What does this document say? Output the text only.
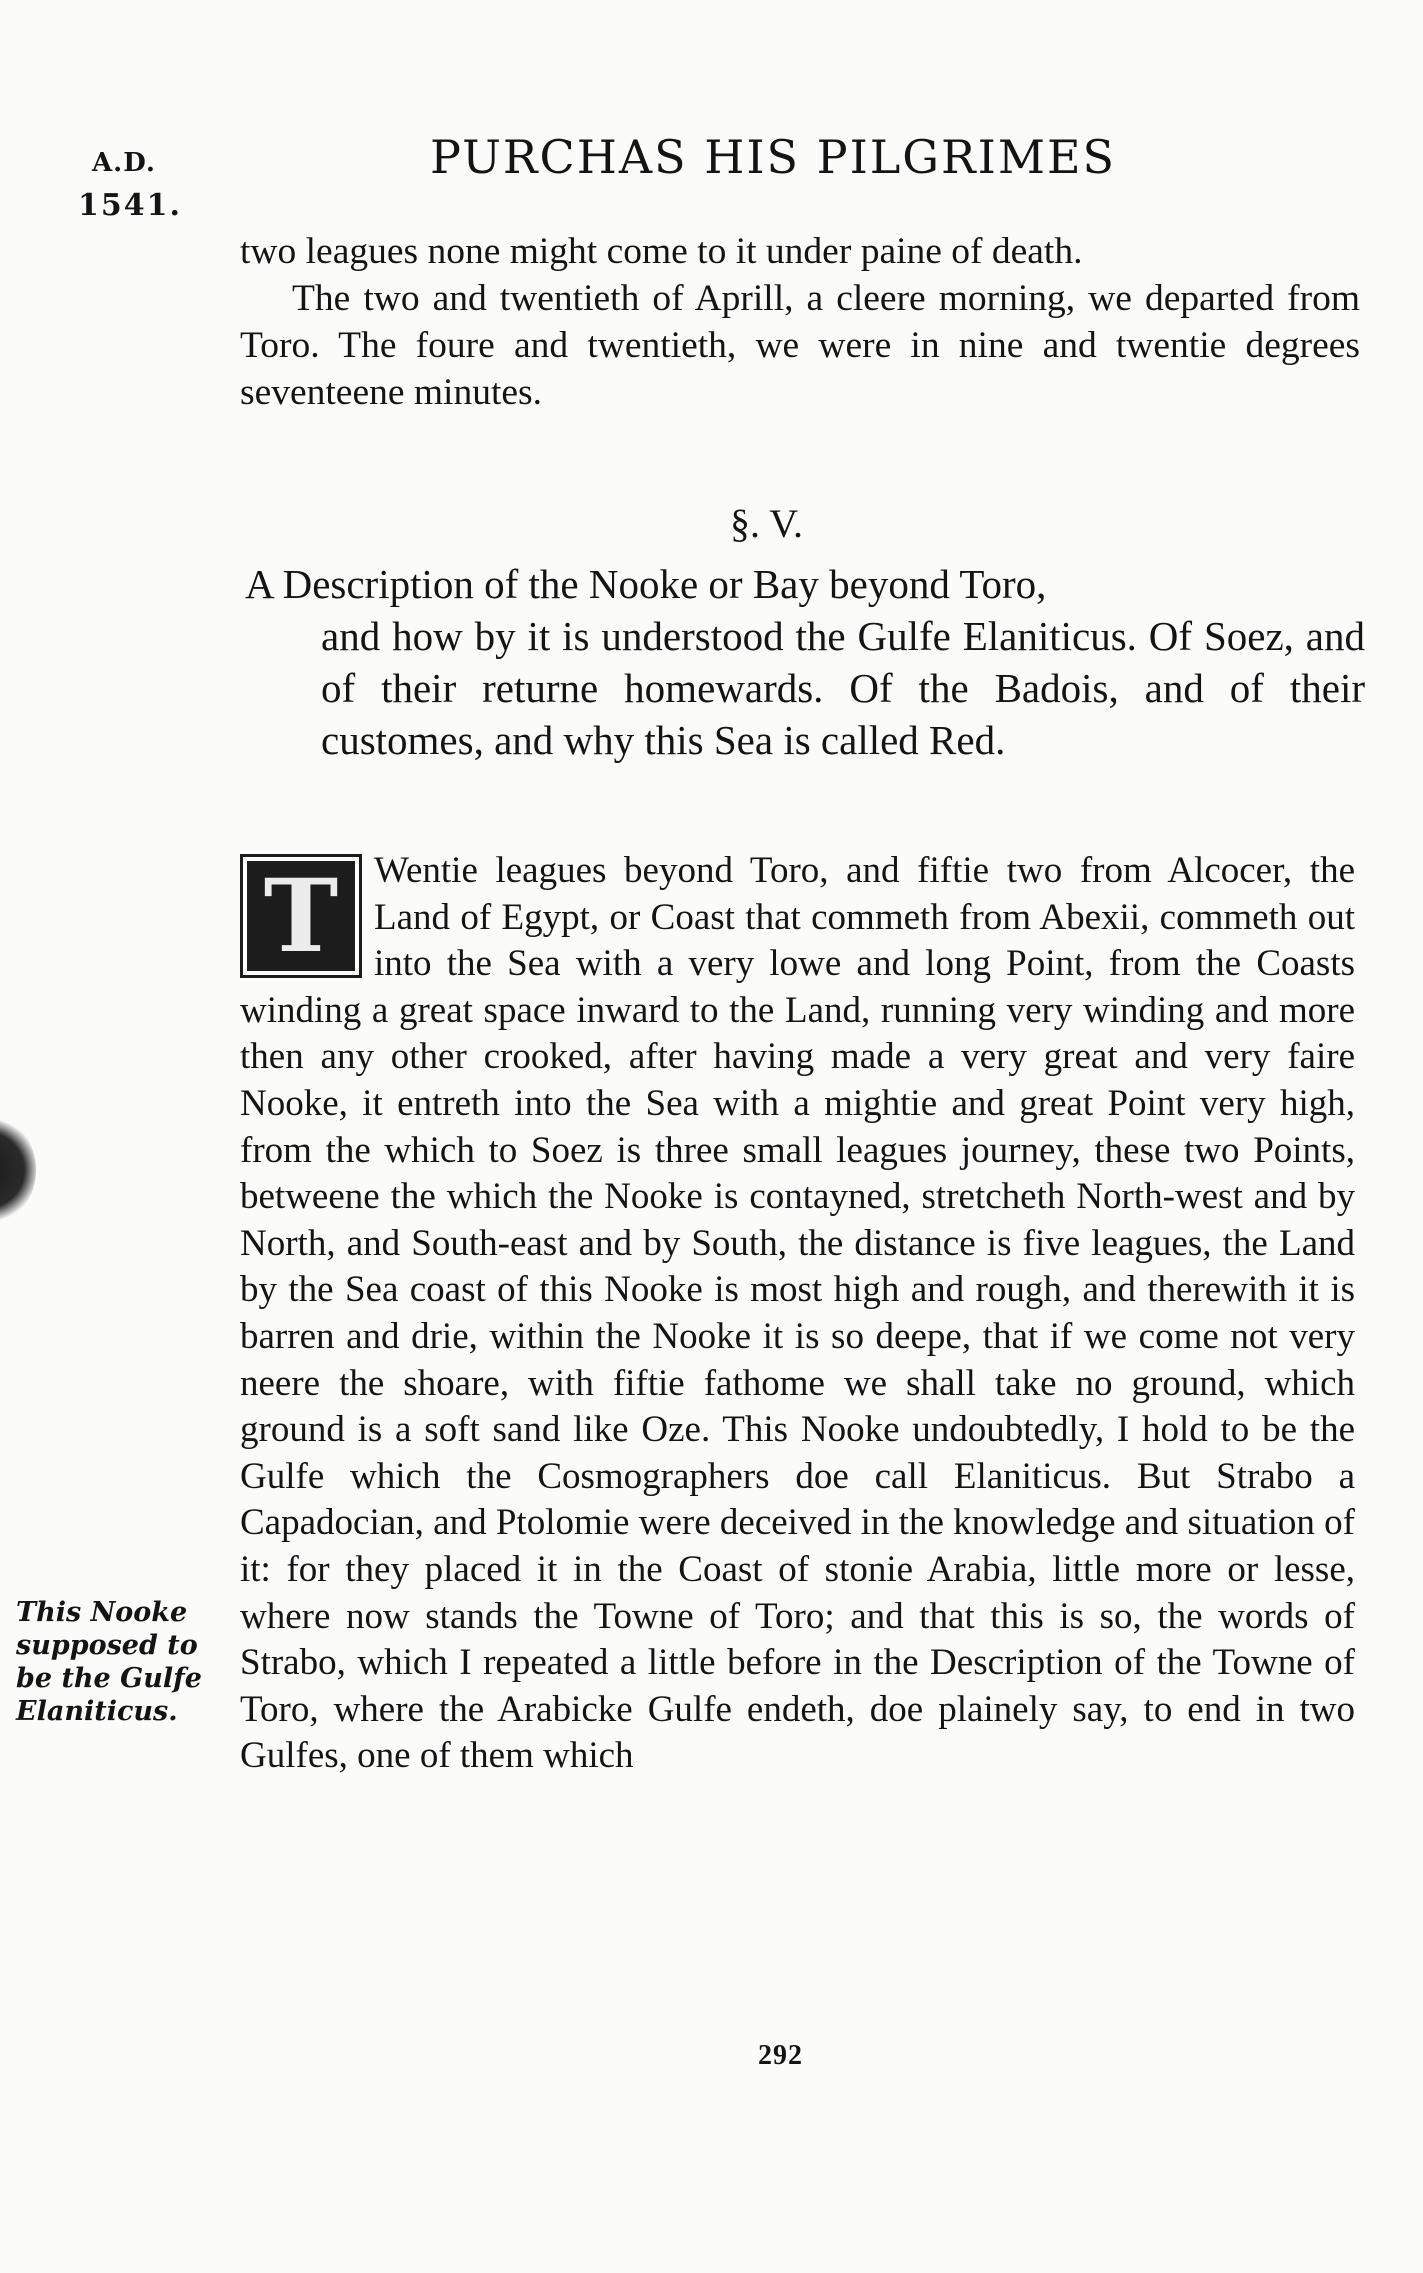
A.D.
1541.
PURCHAS HIS PILGRIMES

two leagues none might come to it under paine of death.

The two and twentieth of Aprill, a cleere morning, we departed from Toro. The foure and twentieth, we were in nine and twentie degrees seventeene minutes.

§. V.
A Description of the Nooke or Bay beyond Toro,
and how by it is understood the Gulfe Elaniticus. Of Soez, and of their returne homewards. Of the Badois, and of their customes, and why this Sea is called Red.
T Wentie leagues beyond Toro, and fiftie two from Alcocer, the Land of Egypt, or Coast that commeth from Abexii, commeth out into the Sea with a very lowe and long Point, from the Coasts winding a great space inward to the Land, running very winding and more then any other crooked, after having made a very great and very faire Nooke, it entreth into the Sea with a mightie and great Point very high, from the which to Soez is three small leagues journey, these two Points, betweene the which the Nooke is contayned, stretcheth North-west and by North, and South-east and by South, the distance is five leagues, the Land by the Sea coast of this Nooke is most high and rough, and therewith it is barren and drie, within the Nooke it is so deepe, that if we come not very neere the shoare, with fiftie fathome we shall take no ground, which ground is a soft sand like Oze. This Nooke undoubtedly, I hold to be the Gulfe which the Cosmographers doe call Elaniticus. But Strabo a Capadocian, and Ptolomie were deceived in the knowledge and situation of it: for they placed it in the Coast of stonie Arabia, little more or lesse, where now stands the Towne of Toro; and that this is so, the words of Strabo, which I repeated a little before in the Description of the Towne of Toro, where the Arabicke Gulfe endeth, doe plainely say, to end in two Gulfes, one of them which
This Nooke supposed to be the Gulfe Elaniticus.
292
